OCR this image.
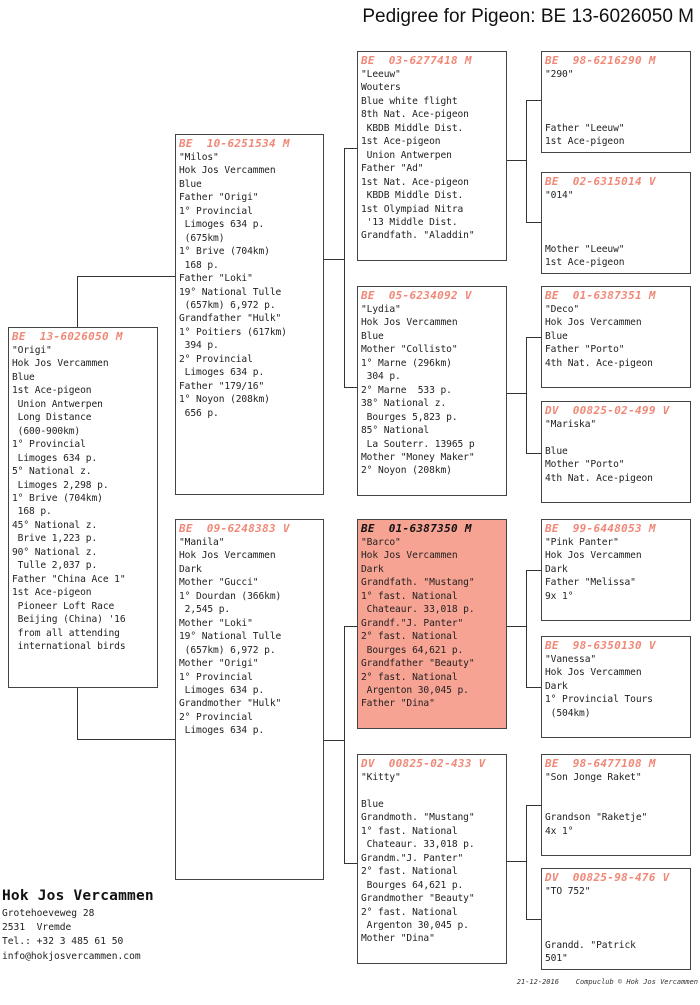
Pedigree for Pigeon: BE 13-6026050 M
BE  13-6026050 M
"Origi"
Hok Jos Vercammen
Blue
1st Ace-pigeon
Union Antwerpen
Long Distance
(600-900km)
1° Provincial
Limoges 634 p.
5° National z.
Limoges 2,298 p.
1° Brive (704km)
168 p.
45° National z.
Brive 1,223 p.
90° National z.
Tulle 2,037 p.
Father "China Ace 1"
1st Ace-pigeon
Pioneer Loft Race
Beijing (China) '16
from all attending
international birds
BE  10-6251534 M
"Milos"
Hok Jos Vercammen
Blue
Father "Origi"
1° Provincial
Limoges 634 p.
(675km)
1° Brive (704km)
168 p.
Father "Loki"
19° National Tulle
(657km) 6,972 p.
Grandfather "Hulk"
1° Poitiers (617km)
394 p.
2° Provincial
Limoges 634 p.
Father "179/16"
1° Noyon (208km)
656 p.
BE  09-6248383 V
"Manila"
Hok Jos Vercammen
Dark
Mother "Gucci"
1° Dourdan (366km)
2,545 p.
Mother "Loki"
19° National Tulle
(657km) 6,972 p.
Mother "Origi"
1° Provincial
Limoges 634 p.
Grandmother "Hulk"
2° Provincial
Limoges 634 p.
BE  03-6277418 M
"Leeuw"
Wouters
Blue white flight
8th Nat. Ace-pigeon
KBDB Middle Dist.
1st Ace-pigeon
Union Antwerpen
Father "Ad"
1st Nat. Ace-pigeon
KBDB Middle Dist.
1st Olympiad Nitra
'13 Middle Dist.
Grandfath. "Aladdin"
BE  05-6234092 V
"Lydia"
Hok Jos Vercammen
Blue
Mother "Collisto"
1° Marne (296km)
304 p.
2° Marne  533 p.
38° National z.
Bourges 5,823 p.
85° National
La Souterr. 13965 p
Mother "Money Maker"
2° Noyon (208km)
BE  01-6387350 M
"Barco"
Hok Jos Vercammen
Dark
Grandfath. "Mustang"
1° fast. National
Chateaur. 33,018 p.
Grandf."J. Panter"
2° fast. National
Bourges 64,621 p.
Grandfather "Beauty"
2° fast. National
Argenton 30,045 p.
Father "Dina"
DV  00825-02-433 V
"Kitty"

Blue
Grandmoth. "Mustang"
1° fast. National
Chateaur. 33,018 p.
Grandm."J. Panter"
2° fast. National
Bourges 64,621 p.
Grandmother "Beauty"
2° fast. National
Argenton 30,045 p.
Mother "Dina"
BE  98-6216290 M
"290"

Father "Leeuw"
1st Ace-pigeon
BE  02-6315014 V
"014"

Mother "Leeuw"
1st Ace-pigeon
BE  01-6387351 M
"Deco"
Hok Jos Vercammen
Blue
Father "Porto"
4th Nat. Ace-pigeon
DV  00825-02-499 V
"Mariska"

Blue
Mother "Porto"
4th Nat. Ace-pigeon
BE  99-6448053 M
"Pink Panter"
Hok Jos Vercammen
Dark
Father "Melissa"
9x 1°
BE  98-6350130 V
"Vanessa"
Hok Jos Vercammen
Dark
1° Provincial Tours
(504km)
BE  98-6477108 M
"Son Jonge Raket"

Grandson "Raketje"
4x 1°
DV  00825-98-476 V
"TO 752"

Grandd. "Patrick
501"
Hok Jos Vercammen
Grotehoeveweg 28
2531  Vremde
Tel.: +32 3 485 61 50
info@hokjosvercammen.com
21-12-2016    Compuclub © Hok Jos Vercammen
